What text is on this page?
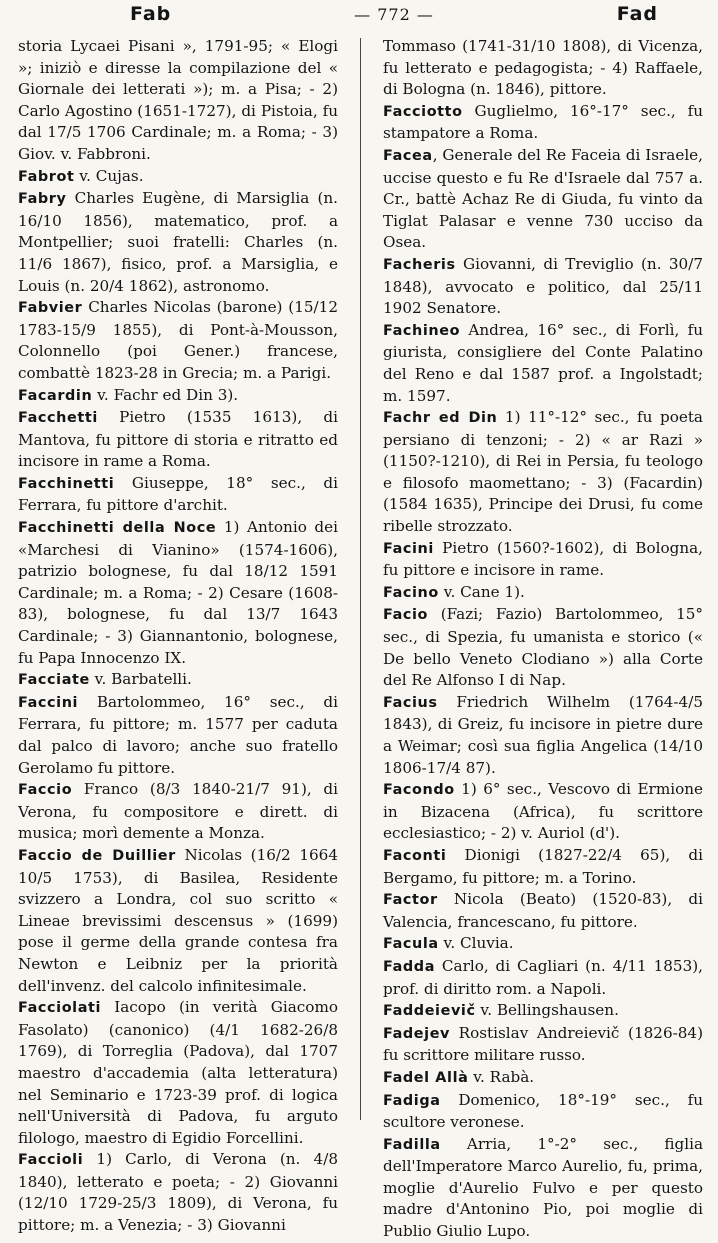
Fab	— 772 —	Fad

storia Lycaei Pisani », 1791-95; « Elogi »; iniziò e diresse la compilazione del « Giornale dei letterati »); m. a Pisa; - 2) Carlo Agostino (1651-1727), di Pistoia, fu dal 17/5 1706 Cardinale; m. a Roma; - 3) Giov. v. Fabbroni.

Fabrot v. Cujas.

Fabry Charles Eugène, di Marsiglia (n. 16/10 1856), matematico, prof. a Montpellier; suoi fratelli: Charles (n. 11/6 1867), fisico, prof. a Marsiglia, e Louis (n. 20/4 1862), astronomo.

Fabvier Charles Nicolas (barone) (15/12 1783-15/9 1855), di Pont-à-Mousson, Colonnello (poi Gener.) francese, combattè 1823-28 in Grecia; m. a Parigi.

Facardin v. Fachr ed Din 3).

Facchetti Pietro (1535 1613), di Mantova, fu pittore di storia e ritratto ed incisore in rame a Roma.

Facchinetti Giuseppe, 18° sec., di Ferrara, fu pittore d'archit.

Facchinetti della Noce 1) Antonio dei «Marchesi di Vianino» (1574-1606), patrizio bolognese, fu dal 18/12 1591 Cardinale; m. a Roma; - 2) Cesare (1608-83), bolognese, fu dal 13/7 1643 Cardinale; - 3) Giannantonio, bolognese, fu Papa Innocenzo IX.

Facciate v. Barbatelli.

Faccini Bartolommeo, 16° sec., di Ferrara, fu pittore; m. 1577 per caduta dal palco di lavoro; anche suo fratello Gerolamo fu pittore.

Faccio Franco (8/3 1840-21/7 91), di Verona, fu compositore e dirett. di musica; morì demente a Monza.

Faccio de Duillier Nicolas (16/2 1664 10/5 1753), di Basilea, Residente svizzero a Londra, col suo scritto « Lineae brevissimi descensus » (1699) pose il germe della grande contesa fra Newton e Leibniz per la priorità dell'invenz. del calcolo infinitesimale.

Facciolati Iacopo (in verità Giacomo Fasolato) (canonico) (4/1 1682-26/8 1769), di Torreglia (Padova), dal 1707 maestro d'accademia (alta letteratura) nel Seminario e 1723-39 prof. di logica nell'Università di Padova, fu arguto filologo, maestro di Egidio Forcellini.

Faccioli 1) Carlo, di Verona (n. 4/8 1840), letterato e poeta; - 2) Giovanni (12/10 1729-25/3 1809), di Verona, fu pittore; m. a Venezia; - 3) Giovanni

Tommaso (1741-31/10 1808), di Vicenza, fu letterato e pedagogista; - 4) Raffaele, di Bologna (n. 1846), pittore.

Facciotto Guglielmo, 16°-17° sec., fu stampatore a Roma.

Facea, Generale del Re Faceia di Israele, uccise questo e fu Re d'Israele dal 757 a. Cr., battè Achaz Re di Giuda, fu vinto da Tiglat Palasar e venne 730 ucciso da Osea.

Facheris Giovanni, di Treviglio (n. 30/7 1848), avvocato e politico, dal 25/11 1902 Senatore.

Fachineo Andrea, 16° sec., di Forlì, fu giurista, consigliere del Conte Palatino del Reno e dal 1587 prof. a Ingolstadt; m. 1597.

Fachr ed Din 1) 11°-12° sec., fu poeta persiano di tenzoni; - 2) « ar Razi » (1150?-1210), di Rei in Persia, fu teologo e filosofo maomettano; - 3) (Facardin) (1584 1635), Principe dei Drusi, fu come ribelle strozzato.

Facini Pietro (1560?-1602), di Bologna, fu pittore e incisore in rame.

Facino v. Cane 1).

Facio (Fazi; Fazio) Bartolommeo, 15° sec., di Spezia, fu umanista e storico (« De bello Veneto Clodiano ») alla Corte del Re Alfonso I di Nap.

Facius Friedrich Wilhelm (1764-4/5 1843), di Greiz, fu incisore in pietre dure a Weimar; così sua figlia Angelica (14/10 1806-17/4 87).

Facondo 1) 6° sec., Vescovo di Ermione in Bizacena (Africa), fu scrittore ecclesiastico; - 2) v. Auriol (d').

Faconti Dionigi (1827-22/4 65), di Bergamo, fu pittore; m. a Torino.

Factor Nicola (Beato) (1520-83), di Valencia, francescano, fu pittore.

Facula v. Cluvia.

Fadda Carlo, di Cagliari (n. 4/11 1853), prof. di diritto rom. a Napoli.

Faddeievič v. Bellingshausen.

Fadejev Rostislav Andreievič (1826-84) fu scrittore militare russo.

Fadel Allà v. Rabà.

Fadiga Domenico, 18°-19° sec., fu scultore veronese.

Fadilla Arria, 1°-2° sec., figlia dell'Imperatore Marco Aurelio, fu, prima, moglie d'Aurelio Fulvo e per questo madre d'Antonino Pio, poi moglie di Publio Giulio Lupo.
